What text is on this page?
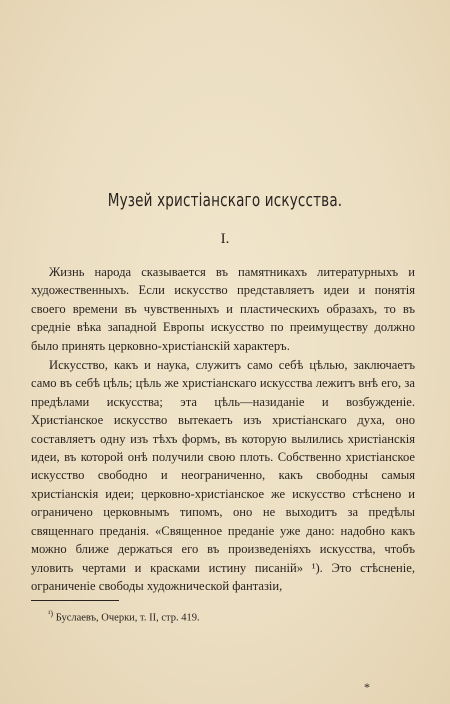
Музей христіанскаго искусства.
I.

Жизнь народа сказывается въ памятникахъ литературныхъ и художественныхъ. Если искусство представляетъ идеи и понятія своего времени въ чувственныхъ и пластическихъ образахъ, то въ средніе вѣка западной Европы искусство по преимуществу должно было принять церковно-христіанскій характеръ.

Искусство, какъ и наука, служитъ само себѣ цѣлью, заключаетъ само въ себѣ цѣль; цѣль же христіанскаго искусства лежитъ внѣ его, за предѣлами искусства; эта цѣль—назиданіе и возбужденіе. Христіанское искусство вытекаетъ изъ христіанскаго духа, оно составляетъ одну изъ тѣхъ формъ, въ которую вылились христіанскія идеи, въ которой онѣ получили свою плоть. Собственно христіанское искусство свободно и неограниченно, какъ свободны самыя христіанскія идеи; церковно-христіанское же искусство стѣснено и ограничено церковнымъ типомъ, оно не выходитъ за предѣлы священнаго преданія. «Священное преданіе уже дано: надобно какъ можно ближе держаться его въ произведеніяхъ искусства, чтобъ уловить чертами и красками истину писаній» ¹). Это стѣсненіе, ограниченіе свободы художнической фантазіи,

$^{^1)}$ Буслаевъ, Очерки, т. II, стр. 419.
*
